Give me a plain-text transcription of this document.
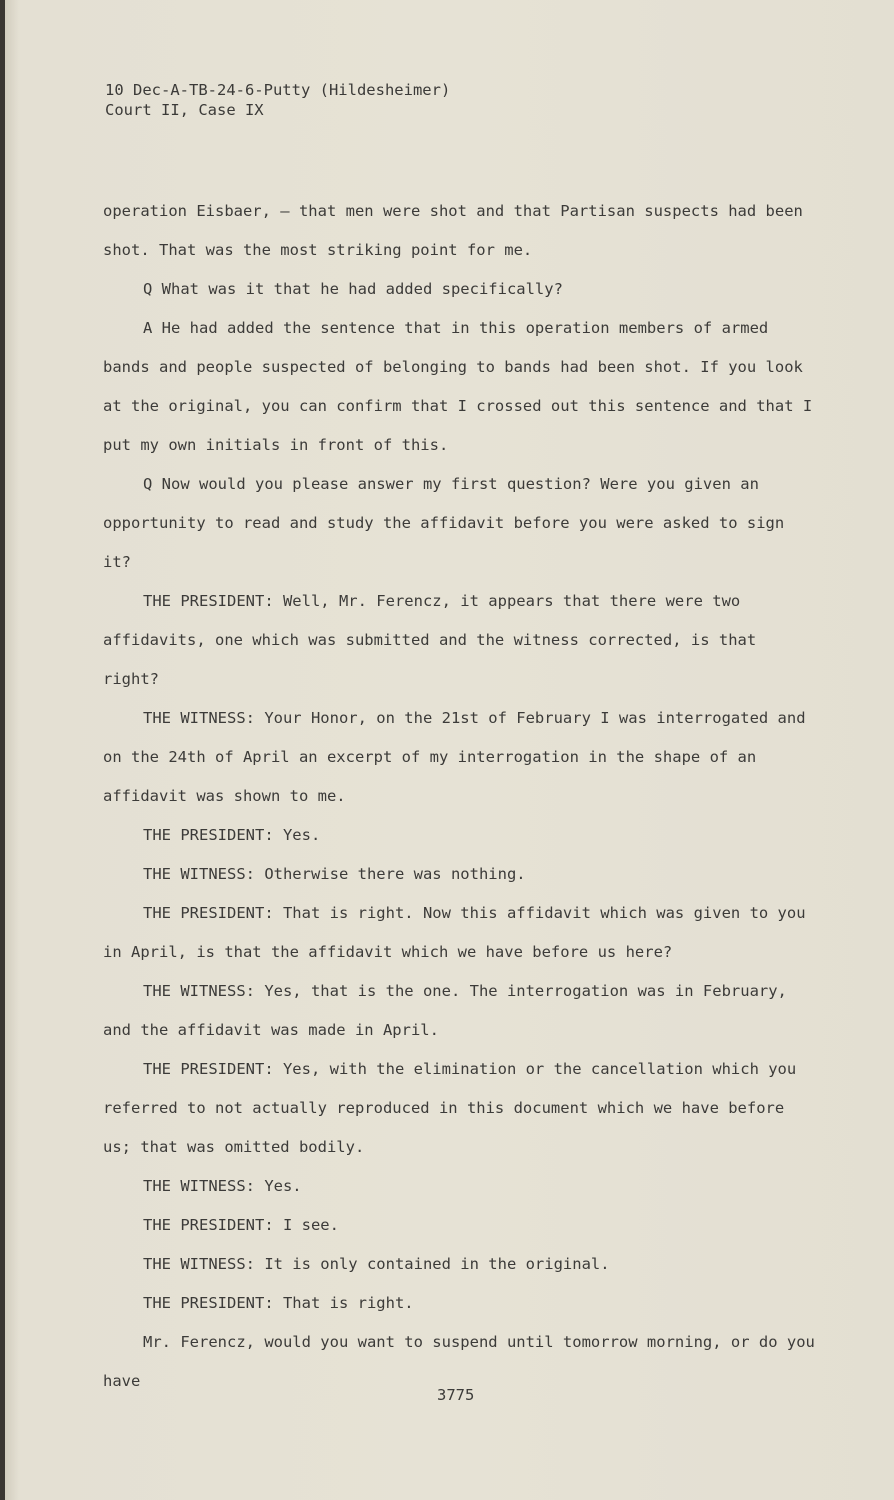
10 Dec-A-TB-24-6-Putty (Hildesheimer)
Court II, Case IX

operation Eisbaer, — that men were shot and that Partisan suspects had been shot. That was the most striking point for me.

Q What was it that he had added specifically?

A He had added the sentence that in this operation members of armed bands and people suspected of belonging to bands had been shot. If you look at the original, you can confirm that I crossed out this sentence and that I put my own initials in front of this.

Q Now would you please answer my first question? Were you given an opportunity to read and study the affidavit before you were asked to sign it?

THE PRESIDENT: Well, Mr. Ferencz, it appears that there were two affidavits, one which was submitted and the witness corrected, is that right?

THE WITNESS: Your Honor, on the 21st of February I was interrogated and on the 24th of April an excerpt of my interrogation in the shape of an affidavit was shown to me.

THE PRESIDENT: Yes.

THE WITNESS: Otherwise there was nothing.

THE PRESIDENT: That is right. Now this affidavit which was given to you in April, is that the affidavit which we have before us here?

THE WITNESS: Yes, that is the one. The interrogation was in February, and the affidavit was made in April.

THE PRESIDENT: Yes, with the elimination or the cancellation which you referred to not actually reproduced in this document which we have before us; that was omitted bodily.

THE WITNESS: Yes.

THE PRESIDENT: I see.

THE WITNESS: It is only contained in the original.

THE PRESIDENT: That is right.

Mr. Ferencz, would you want to suspend until tomorrow morning, or do you have

3775
